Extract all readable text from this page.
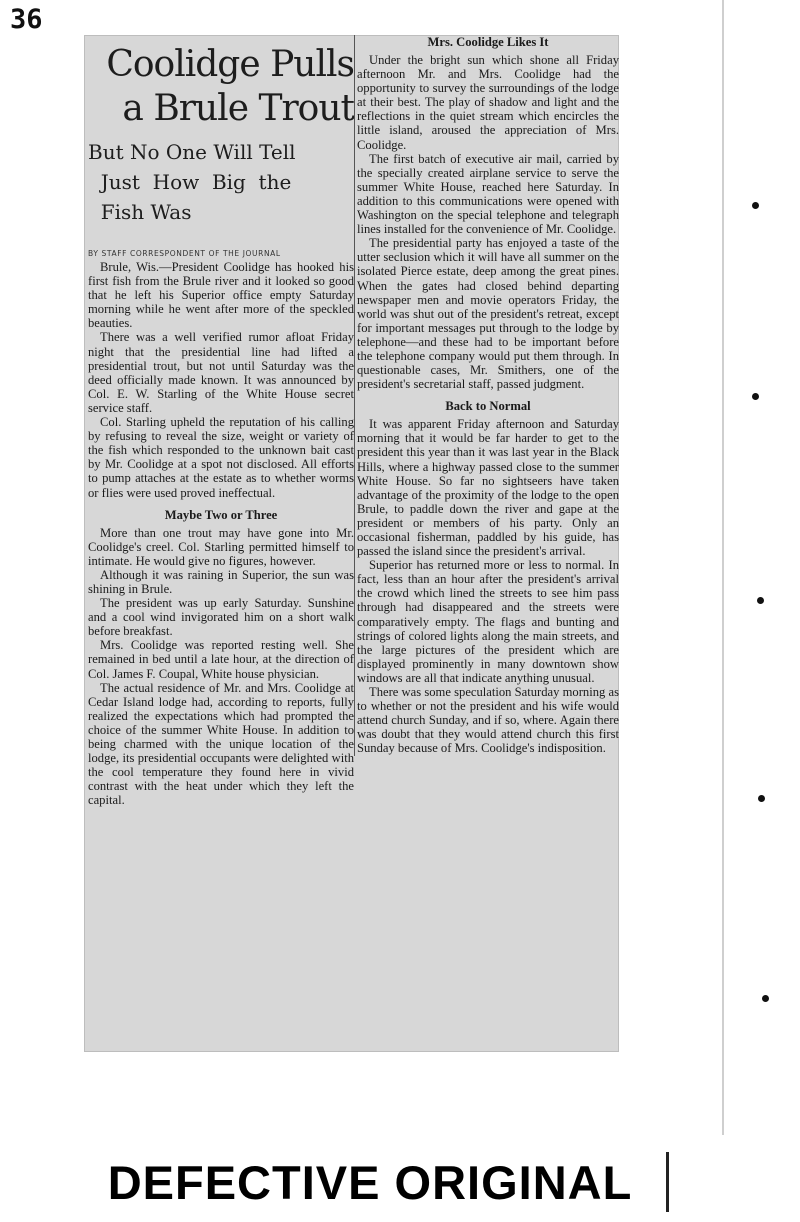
36
Coolidge Pulls
a Brule Trout
But No One Will Tell
Just  How  Big  the
Fish Was
BY STAFF CORRESPONDENT OF THE JOURNAL

Brule, Wis.—President Coolidge has hooked his first fish from the Brule river and it looked so good that he left his Superior office empty Saturday morning while he went after more of the speckled beauties.

There was a well verified rumor afloat Friday night that the presidential line had lifted a presidential trout, but not until Saturday was the deed officially made known. It was announced by Col. E. W. Starling of the White House secret service staff.

Col. Starling upheld the reputation of his calling by refusing to reveal the size, weight or variety of the fish which responded to the unknown bait cast by Mr. Coolidge at a spot not disclosed. All efforts to pump attaches at the estate as to whether worms or flies were used proved ineffectual.

Maybe Two or Three

More than one trout may have gone into Mr. Coolidge's creel. Col. Starling permitted himself to intimate. He would give no figures, however.

Although it was raining in Superior, the sun was shining in Brule.

The president was up early Saturday. Sunshine and a cool wind invigorated him on a short walk before breakfast.

Mrs. Coolidge was reported resting well. She remained in bed until a late hour, at the direction of Col. James F. Coupal, White house physician.

The actual residence of Mr. and Mrs. Coolidge at Cedar Island lodge had, according to reports, fully realized the expectations which had prompted the choice of the summer White House. In addition to being charmed with the unique location of the lodge, its presidential occupants were delighted with the cool temperature they found here in vivid contrast with the heat under which they left the capital.

Mrs. Coolidge Likes It

Under the bright sun which shone all Friday afternoon Mr. and Mrs. Coolidge had the opportunity to survey the surroundings of the lodge at their best. The play of shadow and light and the reflections in the quiet stream which encircles the little island, aroused the appreciation of Mrs. Coolidge.

The first batch of executive air mail, carried by the specially created airplane service to serve the summer White House, reached here Saturday. In addition to this communications were opened with Washington on the special telephone and telegraph lines installed for the convenience of Mr. Coolidge.

The presidential party has enjoyed a taste of the utter seclusion which it will have all summer on the isolated Pierce estate, deep among the great pines. When the gates had closed behind departing newspaper men and movie operators Friday, the world was shut out of the president's retreat, except for important messages put through to the lodge by telephone—and these had to be important before the telephone company would put them through. In questionable cases, Mr. Smithers, one of the president's secretarial staff, passed judgment.

Back to Normal

It was apparent Friday afternoon and Saturday morning that it would be far harder to get to the president this year than it was last year in the Black Hills, where a highway passed close to the summer White House. So far no sightseers have taken advantage of the proximity of the lodge to the open Brule, to paddle down the river and gape at the president or members of his party. Only an occasional fisherman, paddled by his guide, has passed the island since the president's arrival.

Superior has returned more or less to normal. In fact, less than an hour after the president's arrival the crowd which lined the streets to see him pass through had disappeared and the streets were comparatively empty. The flags and bunting and strings of colored lights along the main streets, and the large pictures of the president which are displayed prominently in many downtown show windows are all that indicate anything unusual.

There was some speculation Saturday morning as to whether or not the president and his wife would attend church Sunday, and if so, where. Again there was doubt that they would attend church this first Sunday because of Mrs. Coolidge's indisposition.

DEFECTIVE ORIGINAL
